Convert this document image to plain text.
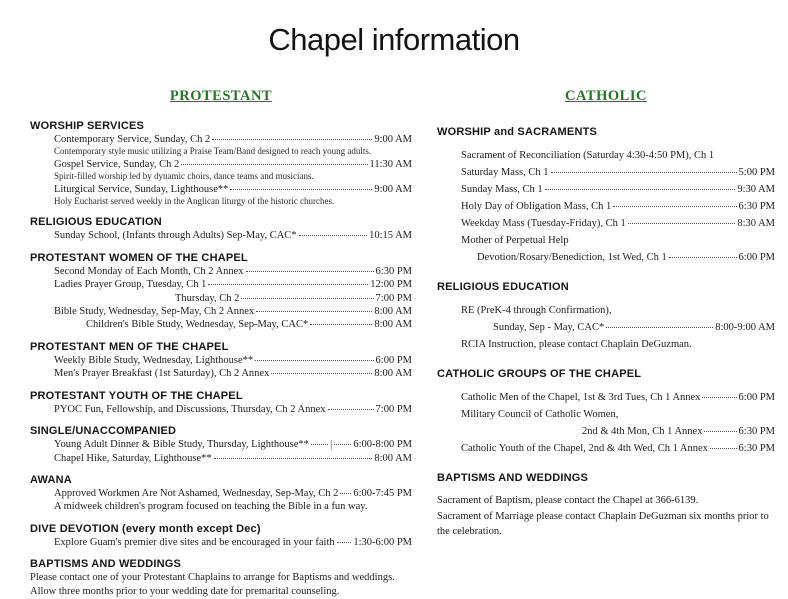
Chapel information
PROTESTANT
WORSHIP SERVICES
Contemporary Service, Sunday, Ch 2	9:00 AM
Contemporary style music utilizing a Praise Team/Band designed to reach young adults.
Gospel Service, Sunday, Ch 2	11:30 AM
Spirit-filled worship led by dynamic choirs, dance teams and musicians.
Liturgical Service, Sunday, Lighthouse**	9:00 AM
Holy Eucharist served weekly in the Anglican liturgy of the historic churches.
RELIGIOUS EDUCATION
Sunday School, (Infants through Adults) Sep-May, CAC*	10:15 AM
PROTESTANT WOMEN OF THE CHAPEL
Second Monday of Each Month, Ch 2 Annex	6:30 PM
Ladies Prayer Group, Tuesday, Ch 1	12:00 PM
Thursday, Ch 2	7:00 PM
Bible Study, Wednesday, Sep-May, Ch 2 Annex	8:00 AM
Children's Bible Study, Wednesday, Sep-May, CAC*	8:00 AM
PROTESTANT MEN OF THE CHAPEL
Weekly Bible Study, Wednesday, Lighthouse**	6:00 PM
Men's Prayer Breakfast (1st Saturday), Ch 2 Annex	8:00 AM
PROTESTANT YOUTH OF THE CHAPEL
PYOC Fun, Fellowship, and Discussions, Thursday, Ch 2 Annex	7:00 PM
SINGLE/UNACCOMPANIED
Young Adult Dinner & Bible Study, Thursday, Lighthouse** | 6:00-8:00 PM
Chapel Hike, Saturday, Lighthouse**	8:00 AM
AWANA
Approved Workmen Are Not Ashamed, Wednesday, Sep-May, Ch 2 6:00-7:45 PM
A midweek children's program focused on teaching the Bible in a fun way.
DIVE DEVOTION (every month except Dec)
Explore Guam's premier dive sites and be encouraged in your faith 1:30-6:00 PM
BAPTISMS AND WEDDINGS
Please contact one of your Protestant Chaplains to arrange for Baptisms and weddings.
Allow three months prior to your wedding date for premarital counseling.
CATHOLIC
WORSHIP and SACRAMENTS
Sacrament of Reconciliation (Saturday 4:30-4:50 PM), Ch 1
Saturday Mass, Ch 1	5:00 PM
Sunday Mass, Ch 1	9:30 AM
Holy Day of Obligation Mass, Ch 1	6:30 PM
Weekday Mass (Tuesday-Friday), Ch 1	8:30 AM
Mother of Perpetual Help
Devotion/Rosary/Benediction, 1st Wed, Ch 1	6:00 PM
RELIGIOUS EDUCATION
RE (PreK-4 through Confirmation),
Sunday, Sep - May, CAC*	8:00-9:00 AM
RCIA Instruction, please contact Chaplain DeGuzman.
CATHOLIC GROUPS OF THE CHAPEL
Catholic Men of the Chapel, 1st & 3rd Tues, Ch 1 Annex	6:00 PM
Military Council of Catholic Women,
2nd & 4th Mon, Ch 1 Annex	6:30 PM
Catholic Youth of the Chapel, 2nd & 4th Wed, Ch 1 Annex	6:30 PM
BAPTISMS AND WEDDINGS
Sacrament of Baptism, please contact the Chapel at 366-6139.
Sacrament of Marriage please contact Chaplain DeGuzman six months prior to the celebration.
